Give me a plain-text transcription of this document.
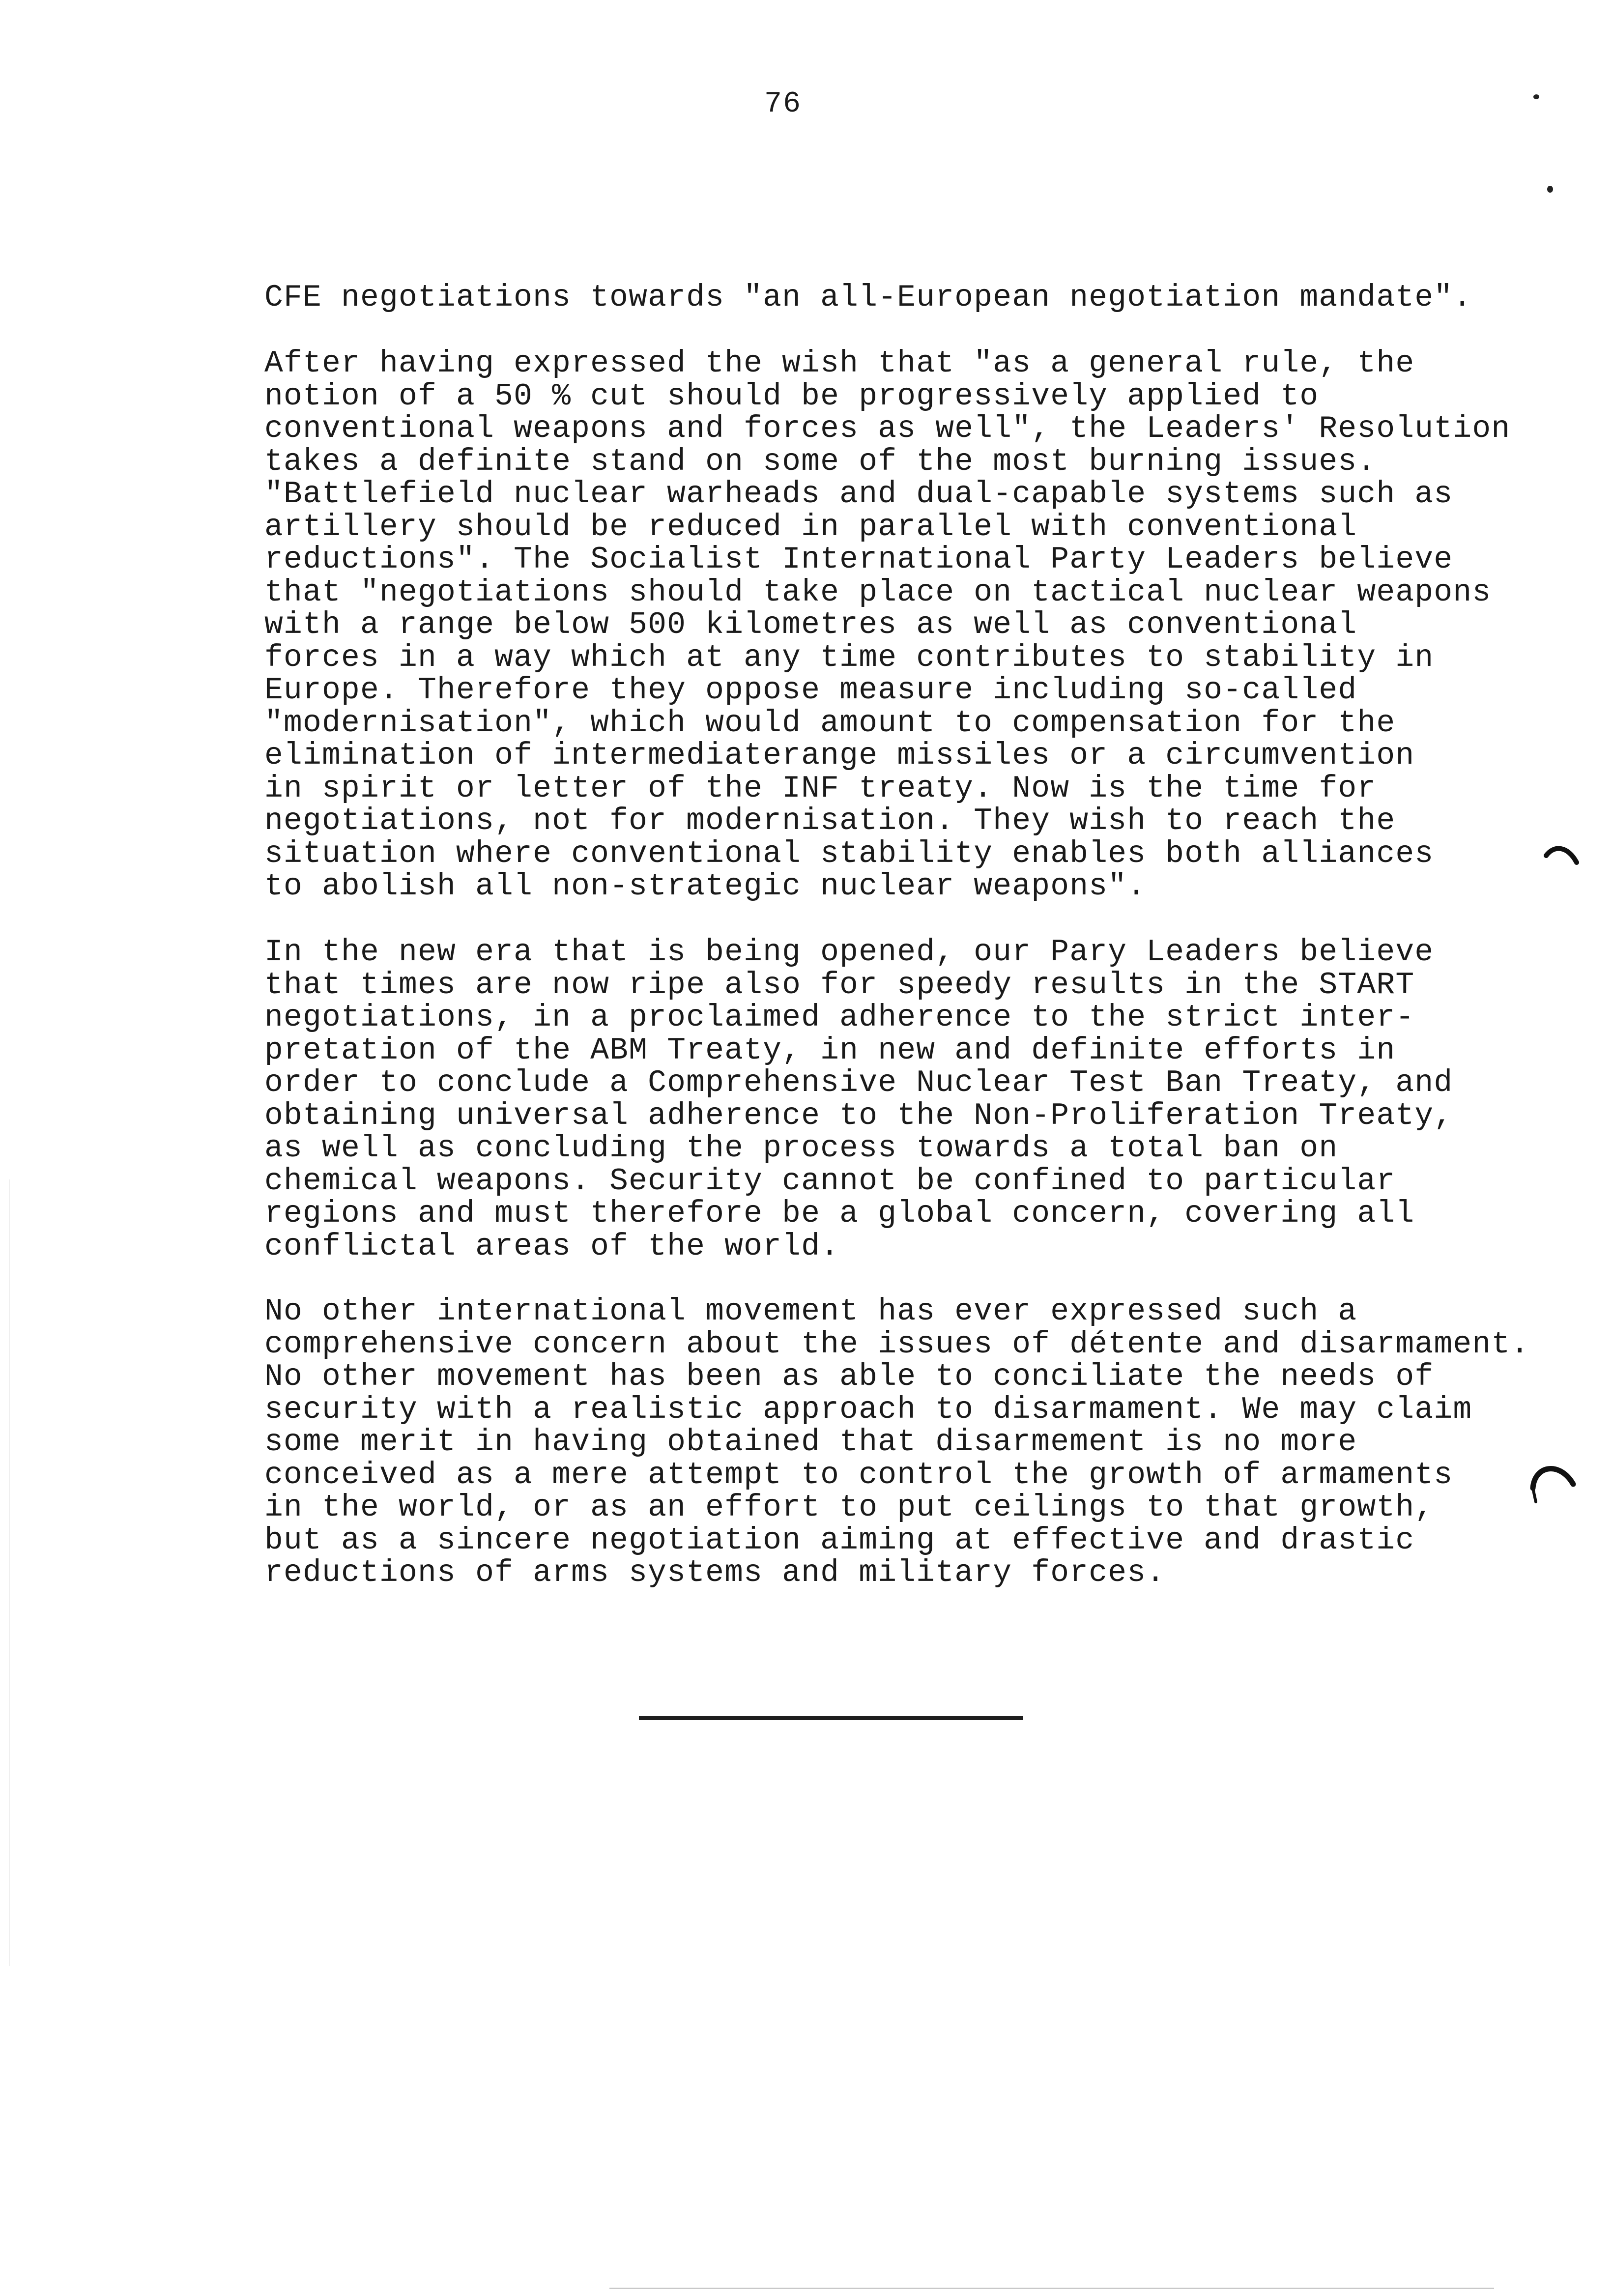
76

CFE negotiations towards "an all-European negotiation mandate".

After having expressed the wish that "as a general rule, the
notion of a 50 % cut should be progressively applied to
conventional weapons and forces as well", the Leaders' Resolution
takes a definite stand on some of the most burning issues.
"Battlefield nuclear warheads and dual-capable systems such as
artillery should be reduced in parallel with conventional
reductions". The Socialist International Party Leaders believe
that "negotiations should take place on tactical nuclear weapons
with a range below 500 kilometres as well as conventional
forces in a way which at any time contributes to stability in
Europe. Therefore they oppose measure including so-called
"modernisation", which would amount to compensation for the
elimination of intermediaterange missiles or a circumvention
in spirit or letter of the INF treaty. Now is the time for
negotiations, not for modernisation. They wish to reach the
situation where conventional stability enables both alliances
to abolish all non-strategic nuclear weapons".

In the new era that is being opened, our Pary Leaders believe
that times are now ripe also for speedy results in the START
negotiations, in a proclaimed adherence to the strict inter-
pretation of the ABM Treaty, in new and definite efforts in
order to conclude a Comprehensive Nuclear Test Ban Treaty, and
obtaining universal adherence to the Non-Proliferation Treaty,
as well as concluding the process towards a total ban on
chemical weapons. Security cannot be confined to particular
regions and must therefore be a global concern, covering all
conflictal areas of the world.

No other international movement has ever expressed such a
comprehensive concern about the issues of détente and disarmament.
No other movement has been as able to conciliate the needs of
security with a realistic approach to disarmament. We may claim
some merit in having obtained that disarmement is no more
conceived as a mere attempt to control the growth of armaments
in the world, or as an effort to put ceilings to that growth,
but as a sincere negotiation aiming at effective and drastic
reductions of arms systems and military forces.
